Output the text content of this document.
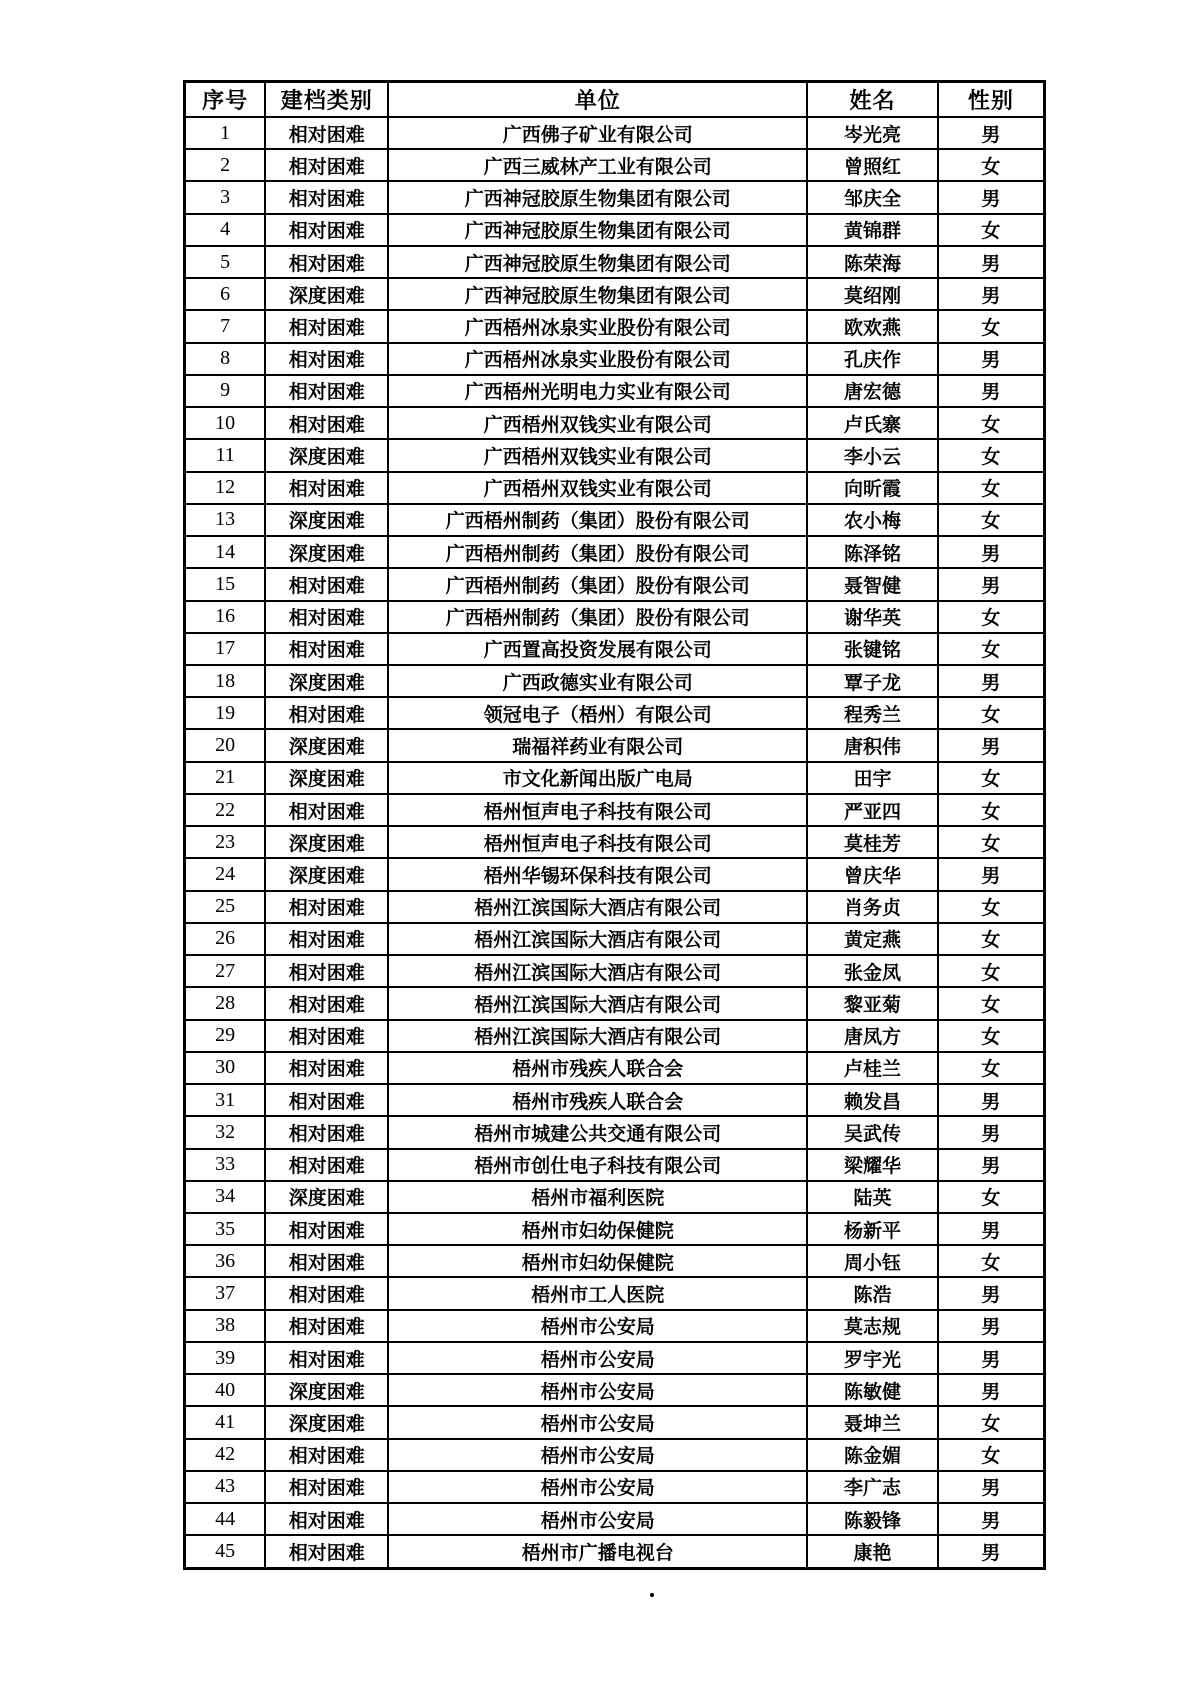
序号	建档类别	单位	姓名	性别
1	相对困难	广西佛子矿业有限公司	岑光亮	男
2	相对困难	广西三威林产工业有限公司	曾照红	女
3	相对困难	广西神冠胶原生物集团有限公司	邹庆全	男
4	相对困难	广西神冠胶原生物集团有限公司	黄锦群	女
5	相对困难	广西神冠胶原生物集团有限公司	陈荣海	男
6	深度困难	广西神冠胶原生物集团有限公司	莫绍刚	男
7	相对困难	广西梧州冰泉实业股份有限公司	欧欢燕	女
8	相对困难	广西梧州冰泉实业股份有限公司	孔庆作	男
9	相对困难	广西梧州光明电力实业有限公司	唐宏德	男
10	相对困难	广西梧州双钱实业有限公司	卢氏寨	女
11	深度困难	广西梧州双钱实业有限公司	李小云	女
12	相对困难	广西梧州双钱实业有限公司	向昕霞	女
13	深度困难	广西梧州制药（集团）股份有限公司	农小梅	女
14	深度困难	广西梧州制药（集团）股份有限公司	陈泽铭	男
15	相对困难	广西梧州制药（集团）股份有限公司	聂智健	男
16	相对困难	广西梧州制药（集团）股份有限公司	谢华英	女
17	相对困难	广西置高投资发展有限公司	张键铭	女
18	深度困难	广西政德实业有限公司	覃子龙	男
19	相对困难	领冠电子（梧州）有限公司	程秀兰	女
20	深度困难	瑞福祥药业有限公司	唐积伟	男
21	深度困难	市文化新闻出版广电局	田宇	女
22	相对困难	梧州恒声电子科技有限公司	严亚四	女
23	深度困难	梧州恒声电子科技有限公司	莫桂芳	女
24	深度困难	梧州华锡环保科技有限公司	曾庆华	男
25	相对困难	梧州江滨国际大酒店有限公司	肖务贞	女
26	相对困难	梧州江滨国际大酒店有限公司	黄定燕	女
27	相对困难	梧州江滨国际大酒店有限公司	张金凤	女
28	相对困难	梧州江滨国际大酒店有限公司	黎亚菊	女
29	相对困难	梧州江滨国际大酒店有限公司	唐凤方	女
30	相对困难	梧州市残疾人联合会	卢桂兰	女
31	相对困难	梧州市残疾人联合会	赖发昌	男
32	相对困难	梧州市城建公共交通有限公司	吴武传	男
33	相对困难	梧州市创仕电子科技有限公司	梁耀华	男
34	深度困难	梧州市福利医院	陆英	女
35	相对困难	梧州市妇幼保健院	杨新平	男
36	相对困难	梧州市妇幼保健院	周小钰	女
37	相对困难	梧州市工人医院	陈浩	男
38	相对困难	梧州市公安局	莫志规	男
39	相对困难	梧州市公安局	罗宇光	男
40	深度困难	梧州市公安局	陈敏健	男
41	深度困难	梧州市公安局	聂坤兰	女
42	相对困难	梧州市公安局	陈金媚	女
43	相对困难	梧州市公安局	李广志	男
44	相对困难	梧州市公安局	陈毅锋	男
45	相对困难	梧州市广播电视台	康艳	男
